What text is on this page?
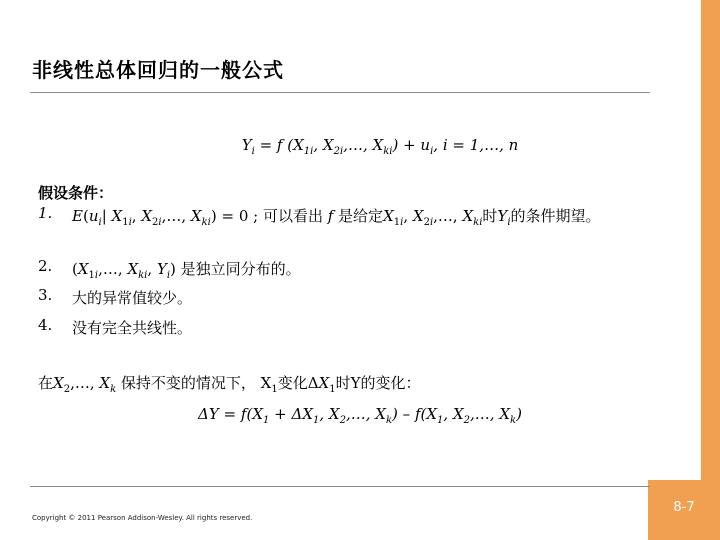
8-7
非线性总体回归的一般公式
$Y_i = f$ ($X_{1i}$, $X_{2i},\dots$, $X_{ki}) + u_i$, i = 1,…, n
假设条件：
1. $E(u_i|$ $X_{1i}$, $X_{2i},\dots$, $X_{ki}) = 0$ ; 可以看出 f 是给定$X_{1i}$, $X_{2i},\dots$, $X_{ki}$时$Y_i$的条件期望。
2. ($X_{1i},\dots$, $X_{ki}$, $Y_i$) 是独立同分布的。
3. 大的异常值较少。
4. 没有完全共线性。
在$X_2,\dots$, $X_k$ 保持不变的情况下， $X_1$变化$\Delta X_1$时Y的变化：
$\Delta Y = f(X_1 + \Delta X_1$, $X_2,\dots$, $X_k) - f(X_1$, $X_2,\dots$, $X_k$)
Copyright © 2011 Pearson Addison-Wesley. All rights reserved.
